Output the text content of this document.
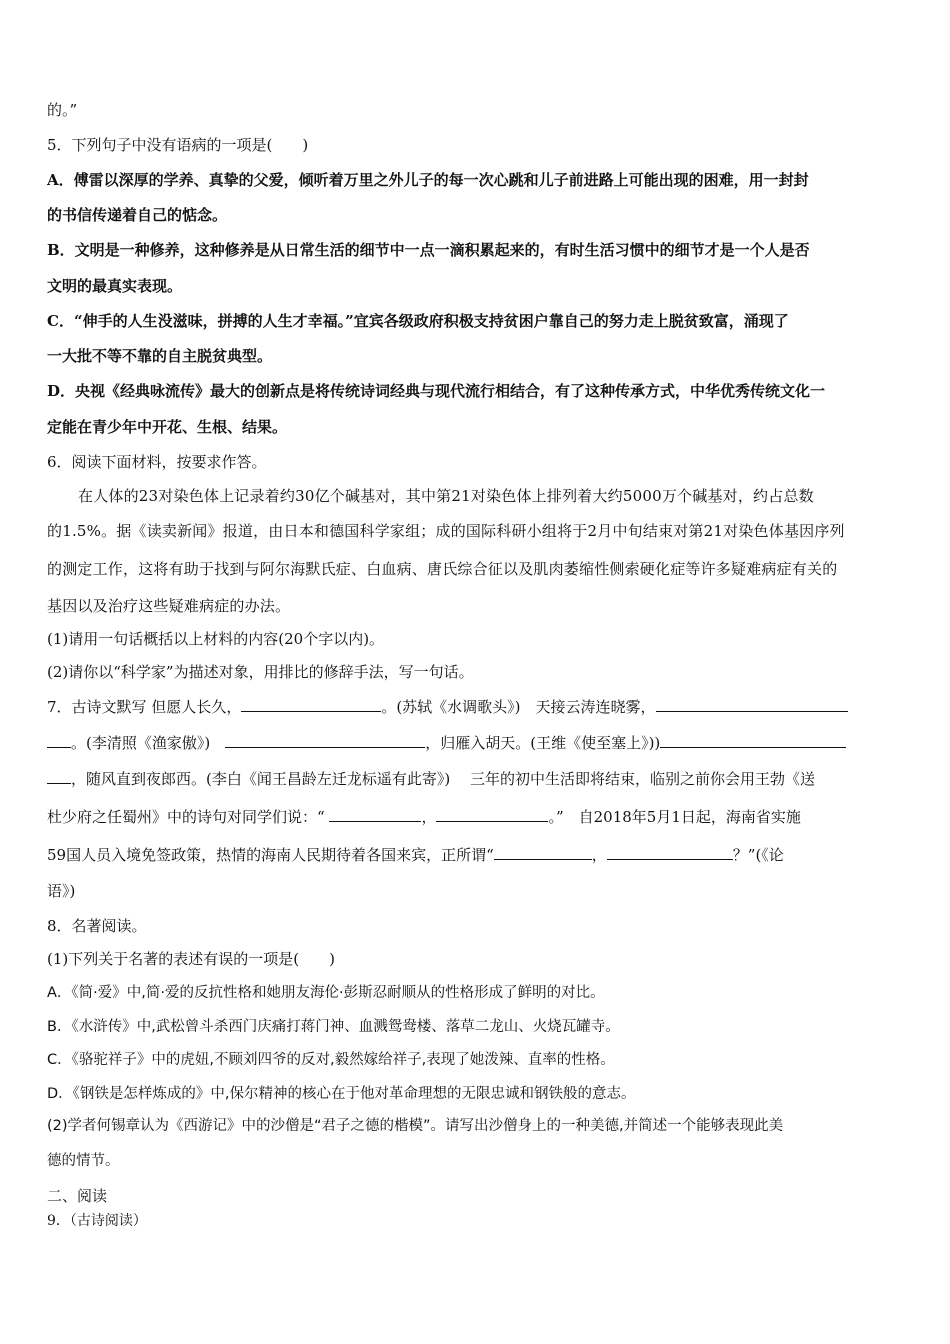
的。”
5．下列句子中没有语病的一项是(　　)
A．傅雷以深厚的学养、真挚的父爱，倾听着万里之外儿子的每一次心跳和儿子前进路上可能出现的困难，用一封封
的书信传递着自己的惦念。
B．文明是一种修养，这种修养是从日常生活的细节中一点一滴积累起来的，有时生活习惯中的细节才是一个人是否
文明的最真实表现。
C．“伸手的人生没滋味，拼搏的人生才幸福。”宜宾各级政府积极支持贫困户靠自己的努力走上脱贫致富，涌现了
一大批不等不靠的自主脱贫典型。
D．央视《经典咏流传》最大的创新点是将传统诗词经典与现代流行相结合，有了这种传承方式，中华优秀传统文化一
定能在青少年中开花、生根、结果。
6．阅读下面材料，按要求作答。
在人体的23对染色体上记录着约30亿个碱基对，其中第21对染色体上排列着大约5000万个碱基对，约占总数
的1.5%。据《读卖新闻》报道，由日本和德国科学家组；成的国际科研小组将于2月中旬结束对第21对染色体基因序列
的测定工作，这将有助于找到与阿尔海默氏症、白血病、唐氏综合征以及肌肉萎缩性侧索硬化症等许多疑难病症有关的
基因以及治疗这些疑难病症的办法。
(1)请用一句话概括以上材料的内容(20个字以内)。
(2)请你以“科学家”为描述对象，用排比的修辞手法，写一句话。
7．古诗文默写 但愿人长久，	。(苏轼《水调歌头》)　天接云涛连晓雾，
。(李清照《渔家傲》)　	，归雁入胡天。(王维《使至塞上》))
，随风直到夜郎西。(李白《闻王昌龄左迁龙标遥有此寄》)　 三年的初中生活即将结束，临别之前你会用王勃《送
杜少府之任蜀州》中的诗句对同学们说：“	，	。”　自2018年5月1日起，海南省实施
59国人员入境免签政策，热情的海南人民期待着各国来宾，正所谓“	，	？”(《论
语》)
8．名著阅读。
(1)下列关于名著的表述有误的一项是(　　)
A．《简·爱》中,简·爱的反抗性格和她朋友海伦·彭斯忍耐顺从的性格形成了鲜明的对比。
B．《水浒传》中,武松曾斗杀西门庆痛打蒋门神、血溅鸳鸯楼、落草二龙山、火烧瓦罐寺。
C．《骆驼祥子》中的虎妞,不顾刘四爷的反对,毅然嫁给祥子,表现了她泼辣、直率的性格。
D．《钢铁是怎样炼成的》中,保尔精神的核心在于他对革命理想的无限忠诚和钢铁般的意志。
(2)学者何锡章认为《西游记》中的沙僧是“君子之德的楷模”。请写出沙僧身上的一种美德,并简述一个能够表现此美
德的情节。
二、阅读
9．（古诗阅读）
